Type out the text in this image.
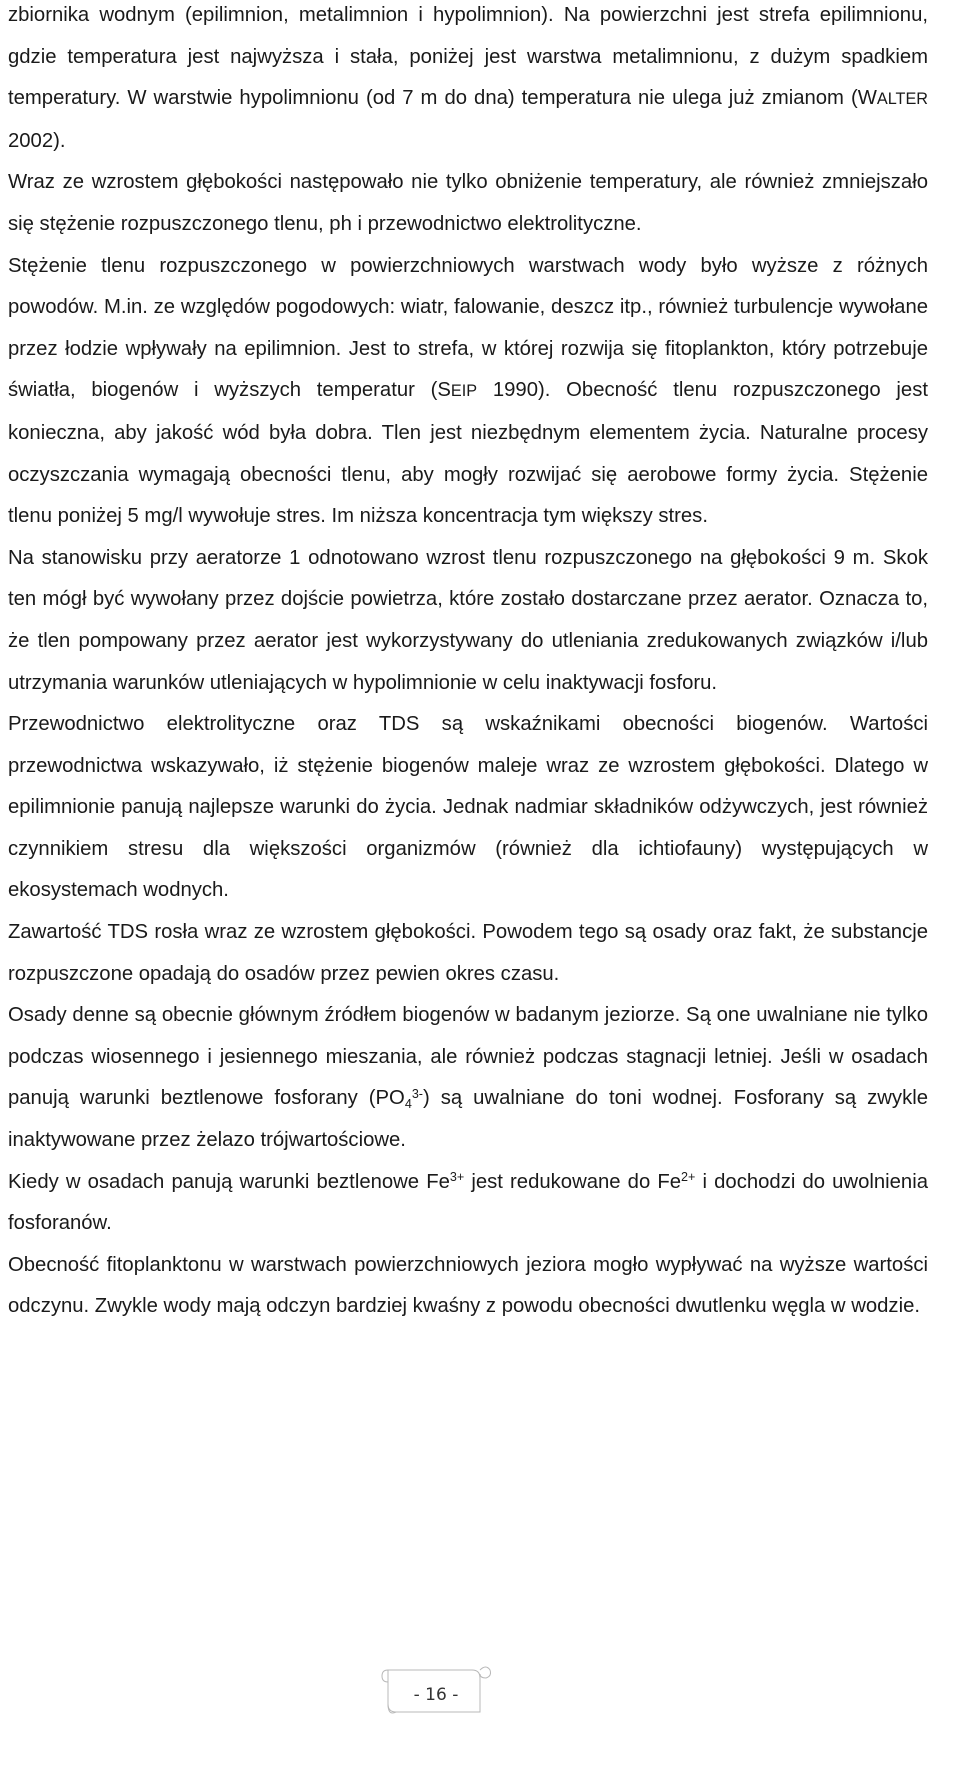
zbiornika wodnym (epilimnion, metalimnion i hypolimnion). Na powierzchni jest strefa epilimnionu, gdzie temperatura jest najwyższa i stała, poniżej jest warstwa metalimnionu, z dużym spadkiem temperatury. W warstwie hypolimnionu (od 7 m do dna) temperatura nie ulega już zmianom (WALTER 2002).

Wraz ze wzrostem głębokości następowało nie tylko obniżenie temperatury, ale również zmniejszało się stężenie rozpuszczonego tlenu, ph i przewodnictwo elektrolityczne.

Stężenie tlenu rozpuszczonego w powierzchniowych warstwach wody było wyższe z różnych powodów. M.in. ze względów pogodowych: wiatr, falowanie, deszcz itp., również turbulencje wywołane przez łodzie wpływały na epilimnion. Jest to strefa, w której rozwija się fitoplankton, który potrzebuje światła, biogenów i wyższych temperatur (SEIP 1990). Obecność tlenu rozpuszczonego jest konieczna, aby jakość wód była dobra. Tlen jest niezbędnym elementem życia. Naturalne procesy oczyszczania wymagają obecności tlenu, aby mogły rozwijać się aerobowe formy życia. Stężenie tlenu poniżej 5 mg/l wywołuje stres. Im niższa koncentracja tym większy stres.

Na stanowisku przy aeratorze 1 odnotowano wzrost tlenu rozpuszczonego na głębokości 9 m. Skok ten mógł być wywołany przez dojście powietrza, które zostało dostarczane przez aerator. Oznacza to, że tlen pompowany przez aerator jest wykorzystywany do utleniania zredukowanych związków i/lub utrzymania warunków utleniających w hypolimnionie w celu inaktywacji fosforu.

Przewodnictwo elektrolityczne oraz TDS są wskaźnikami obecności biogenów. Wartości przewodnictwa wskazywało, iż stężenie biogenów maleje wraz ze wzrostem głębokości. Dlatego w epilimnionie panują najlepsze warunki do życia. Jednak nadmiar składników odżywczych, jest również czynnikiem stresu dla większości organizmów (również dla ichtiofauny) występujących w ekosystemach wodnych.

Zawartość TDS rosła wraz ze wzrostem głębokości. Powodem tego są osady oraz fakt, że substancje rozpuszczone opadają do osadów przez pewien okres czasu.

Osady denne są obecnie głównym źródłem biogenów w badanym jeziorze. Są one uwalniane nie tylko podczas wiosennego i jesiennego mieszania, ale również podczas stagnacji letniej. Jeśli w osadach panują warunki beztlenowe fosforany $(PO_4^{3-})$ są uwalniane do toni wodnej. Fosforany są zwykle inaktywowane przez żelazo trójwartościowe.

Kiedy w osadach panują warunki beztlenowe $Fe^{3+}$ jest redukowane do $Fe^{2+}$ i dochodzi do uwolnienia fosforanów.

Obecność fitoplanktonu w warstwach powierzchniowych jeziora mogło wypływać na wyższe wartości odczynu. Zwykle wody mają odczyn bardziej kwaśny z powodu obecności dwutlenku węgla w wodzie.

- 16 -
